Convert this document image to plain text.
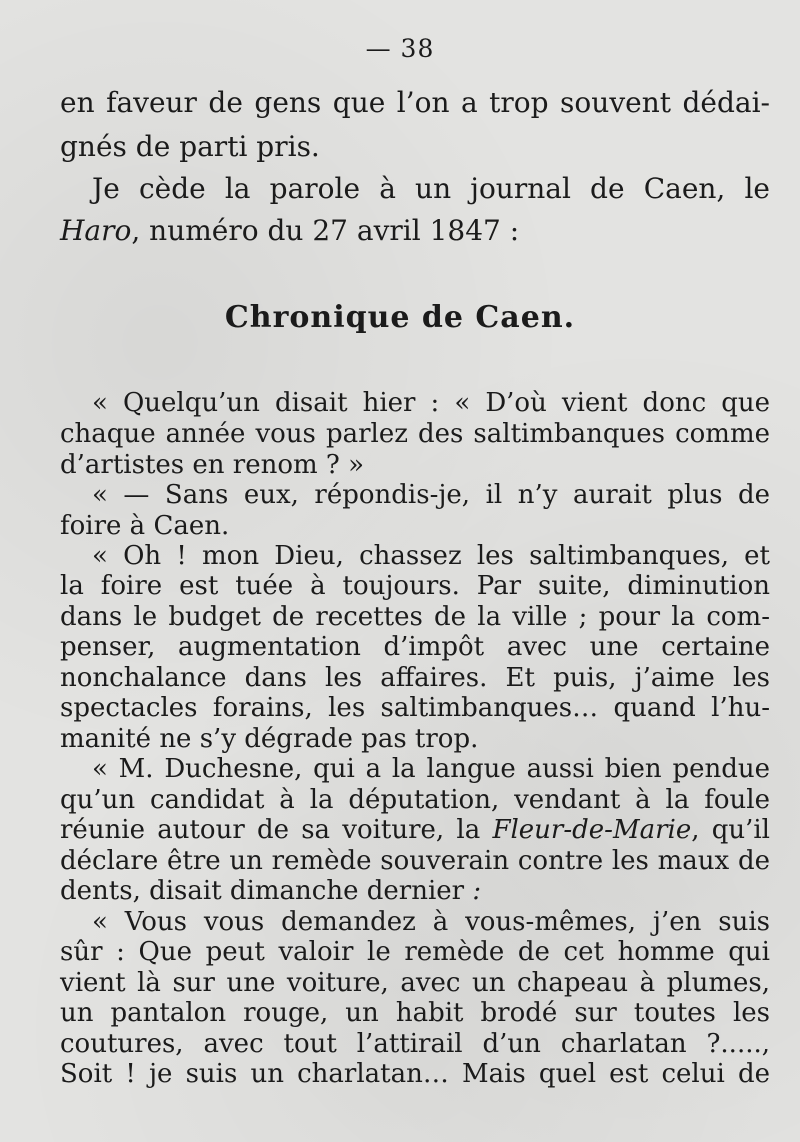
— 38
en faveur de gens que l’on a trop souvent dédai-
gnés de parti pris.
Je cède la parole à un journal de Caen, le
Haro, numéro du 27 avril 1847 :
Chronique de Caen.
« Quelqu’un disait hier : « D’où vient donc que
chaque année vous parlez des saltimbanques comme
d’artistes en renom ? »
« — Sans eux, répondis-je, il n’y aurait plus de
foire à Caen.
« Oh ! mon Dieu, chassez les saltimbanques, et
la foire est tuée à toujours. Par suite, diminution
dans le budget de recettes de la ville ; pour la com-
penser, augmentation d’impôt avec une certaine
nonchalance dans les affaires. Et puis, j’aime les
spectacles forains, les saltimbanques… quand l’hu-
manité ne s’y dégrade pas trop.
« M. Duchesne, qui a la langue aussi bien pendue
qu’un candidat à la députation, vendant à la foule
réunie autour de sa voiture, la Fleur-de-Marie, qu’il
déclare être un remède souverain contre les maux de
dents, disait dimanche dernier :
« Vous vous demandez à vous-mêmes, j’en suis
sûr : Que peut valoir le remède de cet homme qui
vient là sur une voiture, avec un chapeau à plumes,
un pantalon rouge, un habit brodé sur toutes les
coutures, avec tout l’attirail d’un charlatan ?.....,
Soit ! je suis un charlatan… Mais quel est celui de
